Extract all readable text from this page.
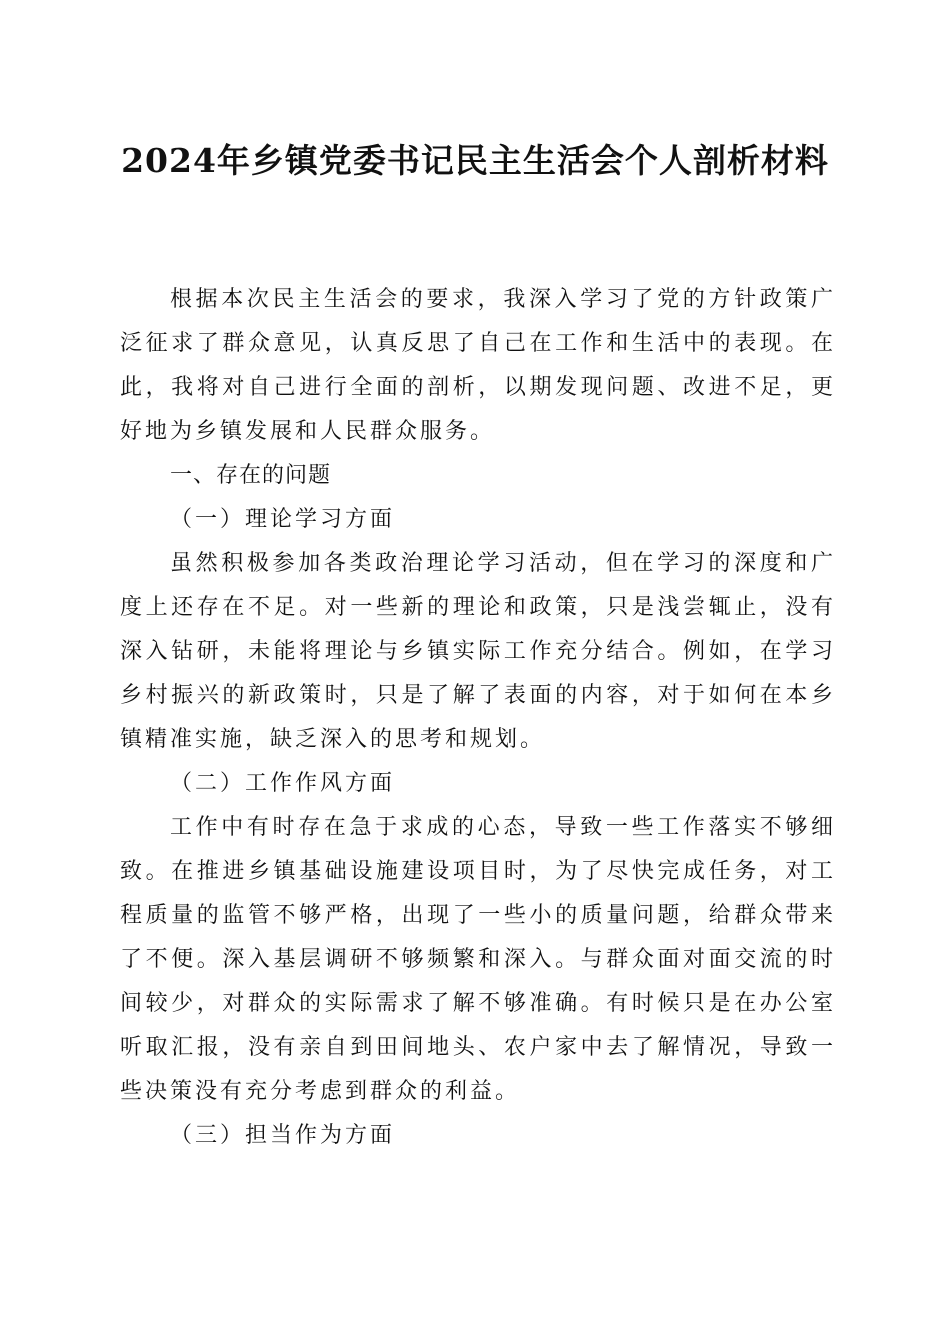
2024年乡镇党委书记民主生活会个人剖析材料

根据本次民主生活会的要求，我深入学习了党的方针政策广泛征求了群众意见，认真反思了自己在工作和生活中的表现。在此，我将对自己进行全面的剖析，以期发现问题、改进不足，更好地为乡镇发展和人民群众服务。

一、存在的问题

（一）理论学习方面

虽然积极参加各类政治理论学习活动，但在学习的深度和广度上还存在不足。对一些新的理论和政策，只是浅尝辄止，没有深入钻研，未能将理论与乡镇实际工作充分结合。例如，在学习乡村振兴的新政策时，只是了解了表面的内容，对于如何在本乡镇精准实施，缺乏深入的思考和规划。

（二）工作作风方面

工作中有时存在急于求成的心态，导致一些工作落实不够细致。在推进乡镇基础设施建设项目时，为了尽快完成任务，对工程质量的监管不够严格，出现了一些小的质量问题，给群众带来了不便。深入基层调研不够频繁和深入。与群众面对面交流的时间较少，对群众的实际需求了解不够准确。有时候只是在办公室听取汇报，没有亲自到田间地头、农户家中去了解情况，导致一些决策没有充分考虑到群众的利益。

（三）担当作为方面
